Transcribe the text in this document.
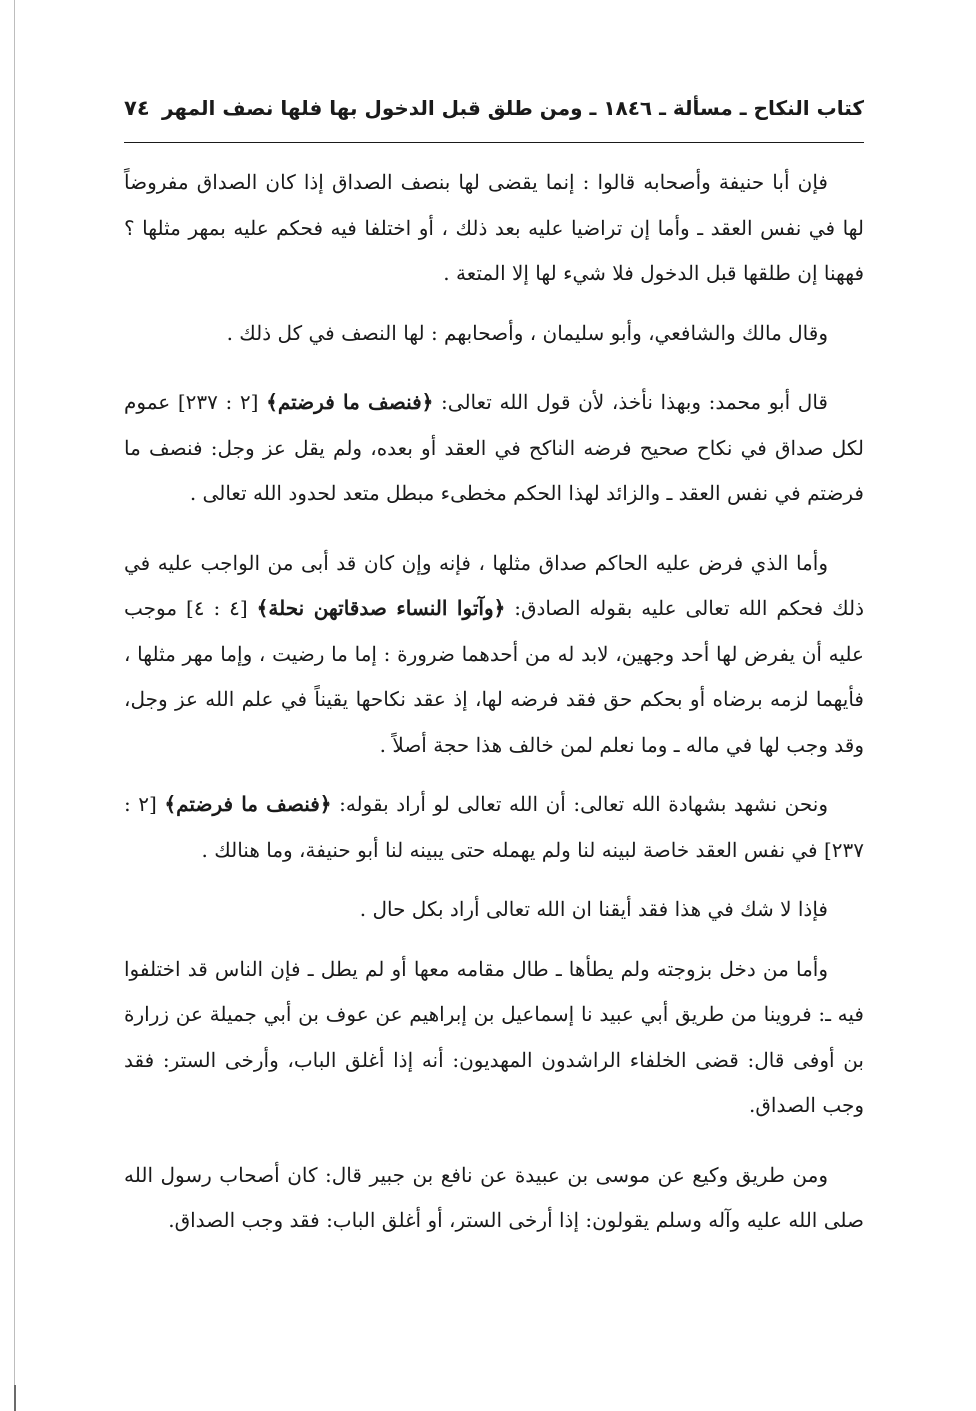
كتاب النكاح ـ مسألة ـ ١٨٤٦ ـ ومن طلق قبل الدخول بها فلها نصف المهر
٧٤

فإن أبا حنيفة وأصحابه قالوا : إنما يقضى لها بنصف الصداق إذا كان الصداق مفروضاً لها في نفس العقد ـ وأما إن تراضيا عليه بعد ذلك ، أو اختلفا فيه فحكم عليه بمهر مثلها ؟ فههنا إن طلقها قبل الدخول فلا شيء لها إلا المتعة .

وقال مالك والشافعي، وأبو سليمان ، وأصحابهم : لها النصف في كل ذلك .

قال أبو محمد: وبهذا نأخذ، لأن قول الله تعالى: ﴿فنصف ما فرضتم﴾ [٢ : ٢٣٧] عموم لكل صداق في نكاح صحيح فرضه الناكح في العقد أو بعده، ولم يقل عز وجل: فنصف ما فرضتم في نفس العقد ـ والزائد لهذا الحكم مخطىء مبطل متعد لحدود الله تعالى .

وأما الذي فرض عليه الحاكم صداق مثلها ، فإنه وإن كان قد أبى من الواجب عليه في ذلك فحكم الله تعالى عليه بقوله الصادق: ﴿وآتوا النساء صدقاتهن نحلة﴾ [٤ : ٤] موجب عليه أن يفرض لها أحد وجهين، لابد له من أحدهما ضرورة : إما ما رضيت ، وإما مهر مثلها ، فأيهما لزمه برضاه أو بحكم حق فقد فرضه لها، إذ عقد نكاحها يقيناً في علم الله عز وجل، وقد وجب لها في ماله ـ وما نعلم لمن خالف هذا حجة أصلاً .

ونحن نشهد بشهادة الله تعالى: أن الله تعالى لو أراد بقوله: ﴿فنصف ما فرضتم﴾ [٢ : ٢٣٧] في نفس العقد خاصة لبينه لنا ولم يهمله حتى يبينه لنا أبو حنيفة، وما هنالك .

فإذا لا شك في هذا فقد أيقنا ان الله تعالى أراد بكل حال .

وأما من دخل بزوجته ولم يطأها ـ طال مقامه معها أو لم يطل ـ فإن الناس قد اختلفوا فيه ـ: فروينا من طريق أبي عبيد نا إسماعيل بن إبراهيم عن عوف بن أبي جميلة عن زرارة بن أوفى قال: قضى الخلفاء الراشدون المهديون: أنه إذا أغلق الباب، وأرخى الستر: فقد وجب الصداق.

ومن طريق وكيع عن موسى بن عبيدة عن نافع بن جبير قال: كان أصحاب رسول الله صلى الله عليه وآله وسلم يقولون: إذا أرخى الستر، أو أغلق الباب: فقد وجب الصداق.
